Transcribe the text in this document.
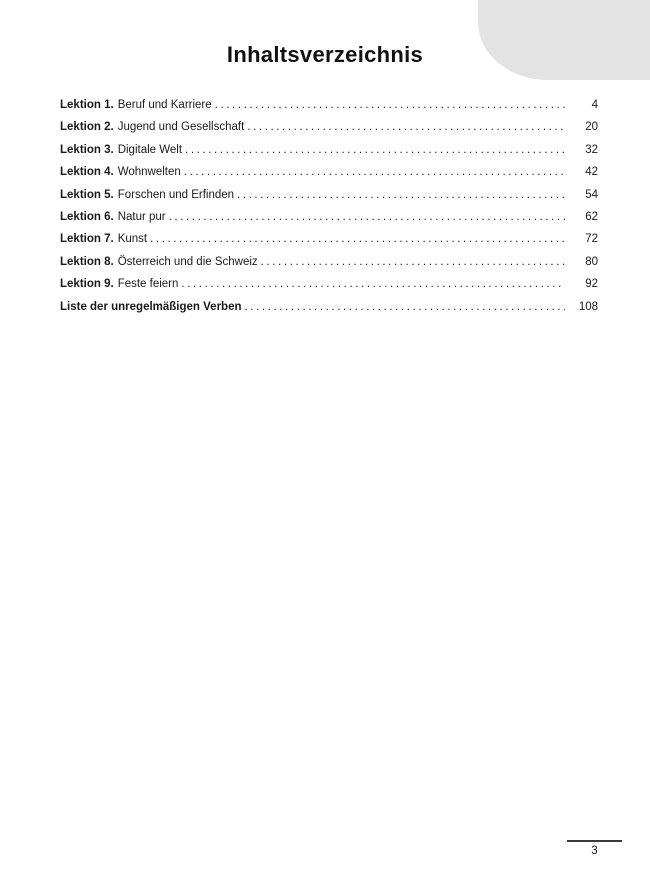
Inhaltsverzeichnis
Lektion 1. Beruf und Karriere .....	4
Lektion 2. Jugend und Gesellschaft .....	20
Lektion 3. Digitale Welt .....	32
Lektion 4. Wohnwelten .....	42
Lektion 5. Forschen und Erfinden .....	54
Lektion 6. Natur pur .....	62
Lektion 7. Kunst .....	72
Lektion 8. Österreich und die Schweiz .....	80
Lektion 9. Feste feiern .....	92
Liste der unregelmäßigen Verben .....	108
3
